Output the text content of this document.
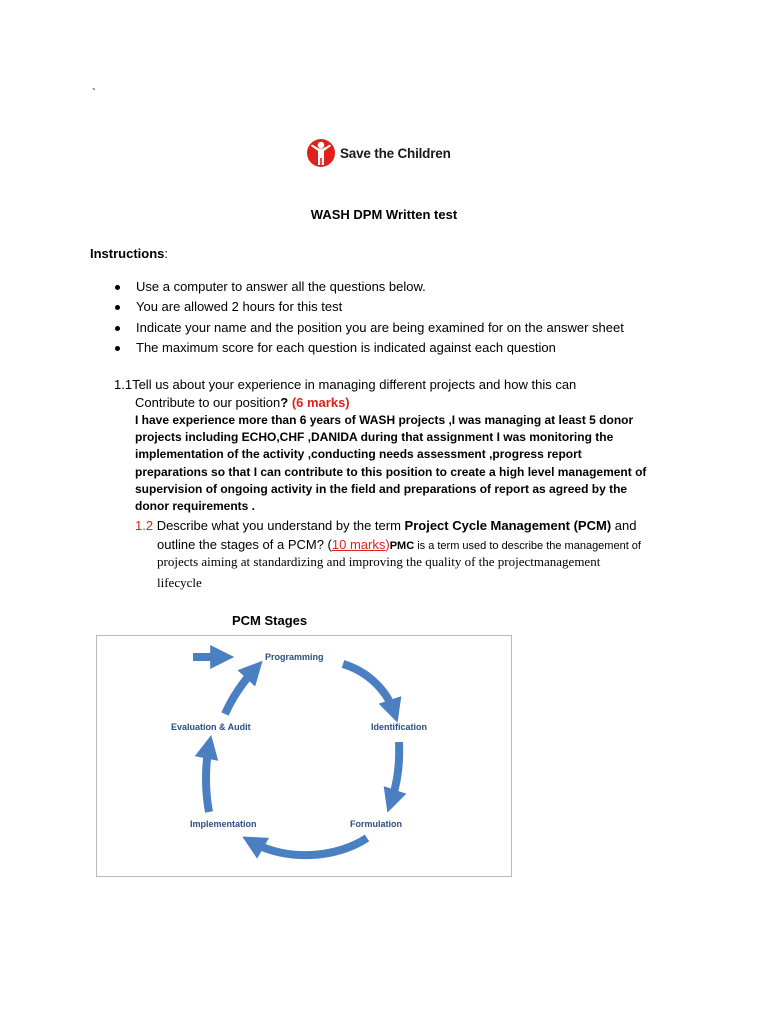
`
Save the Children
WASH DPM Written test
Instructions:
Use a computer to answer all the questions below.
You are allowed 2 hours for this test
Indicate your name and the position you are being examined for on the answer sheet
The maximum score for each question is indicated against each question
1.1Tell us about your experience in managing different projects and how this can
Contribute to our position? (6 marks)
I have experience more than 6 years of WASH projects ,I was managing at least 5 donor
projects including ECHO,CHF ,DANIDA during that assignment I was monitoring the
implementation of the activity ,conducting needs assessment ,progress report
preparations so that I can contribute to this position to create a high level management of
supervision of ongoing activity in the field and preparations of report as agreed by the
donor requirements .
1.2 Describe what you understand by the term Project Cycle Management (PCM) and
outline the stages of a PCM? (10 marks)PMC is a term used to describe the management of
projects aiming at standardizing and improving the quality of the projectmanagement
lifecycle
PCM Stages
Programming
Identification
Formulation
Implementation
Evaluation & Audit
